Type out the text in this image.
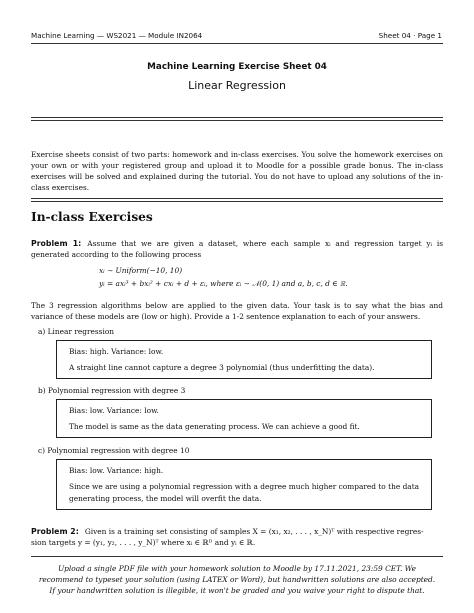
Machine Learning — WS2021 — Module IN2064	Sheet 04 · Page 1
Machine Learning Exercise Sheet 04
Linear Regression
Exercise sheets consist of two parts: homework and in-class exercises. You solve the homework exercises on your own or with your registered group and upload it to Moodle for a possible grade bonus. The in-class exercises will be solved and explained during the tutorial. You do not have to upload any solutions of the in-class exercises.
In-class Exercises
Problem 1: Assume that we are given a dataset, where each sample xᵢ and regression target yᵢ is generated according to the following process
xᵢ ∼ Uniform(−10, 10)
yᵢ = axᵢ³ + bxᵢ² + cxᵢ + d + εᵢ, where εᵢ ∼ 𝒩(0, 1) and a, b, c, d ∈ ℝ.
The 3 regression algorithms below are applied to the given data. Your task is to say what the bias and variance of these models are (low or high). Provide a 1-2 sentence explanation to each of your answers.
a) Linear regression
Bias: high. Variance: low.
A straight line cannot capture a degree 3 polynomial (thus underfitting the data).
b) Polynomial regression with degree 3
Bias: low. Variance: low.
The model is same as the data generating process. We can achieve a good fit.
c) Polynomial regression with degree 10
Bias: low. Variance: high.
Since we are using a polynomial regression with a degree much higher compared to the data
generating process, the model will overfit the data.
Problem 2: Given is a training set consisting of samples X = (x₁, x₂, . . . , x_N)ᵀ with respective regres-
sion targets y = (y₁, y₂, . . . , y_N)ᵀ where xᵢ ∈ ℝᴰ and yᵢ ∈ ℝ.
Upload a single PDF file with your homework solution to Moodle by 17.11.2021, 23:59 CET. We
recommend to typeset your solution (using LATEX or Word), but handwritten solutions are also accepted.
If your handwritten solution is illegible, it won't be graded and you waive your right to dispute that.
